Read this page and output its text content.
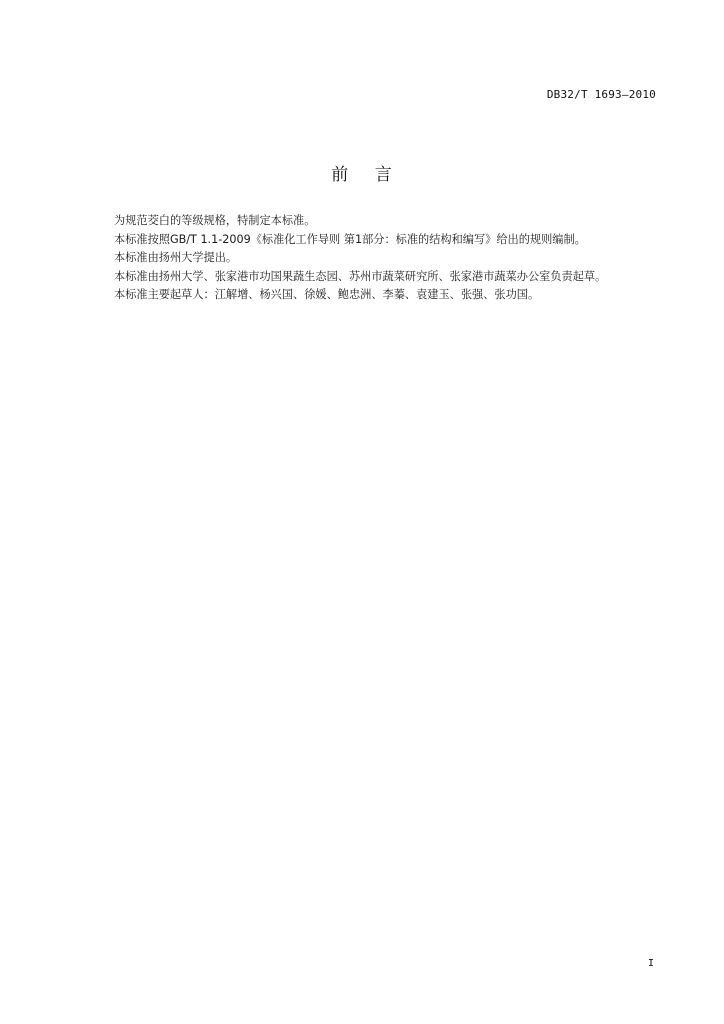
DB32/T 1693—2010
前    言

为规范茭白的等级规格，特制定本标准。

本标准按照GB/T 1.1-2009《标准化工作导则 第1部分：标准的结构和编写》给出的规则编制。

本标准由扬州大学提出。

本标准由扬州大学、张家港市功国果蔬生态园、苏州市蔬菜研究所、张家港市蔬菜办公室负责起草。

本标准主要起草人：江解增、杨兴国、徐媛、鲍忠洲、李蓁、袁建玉、张强、张功国。

I
